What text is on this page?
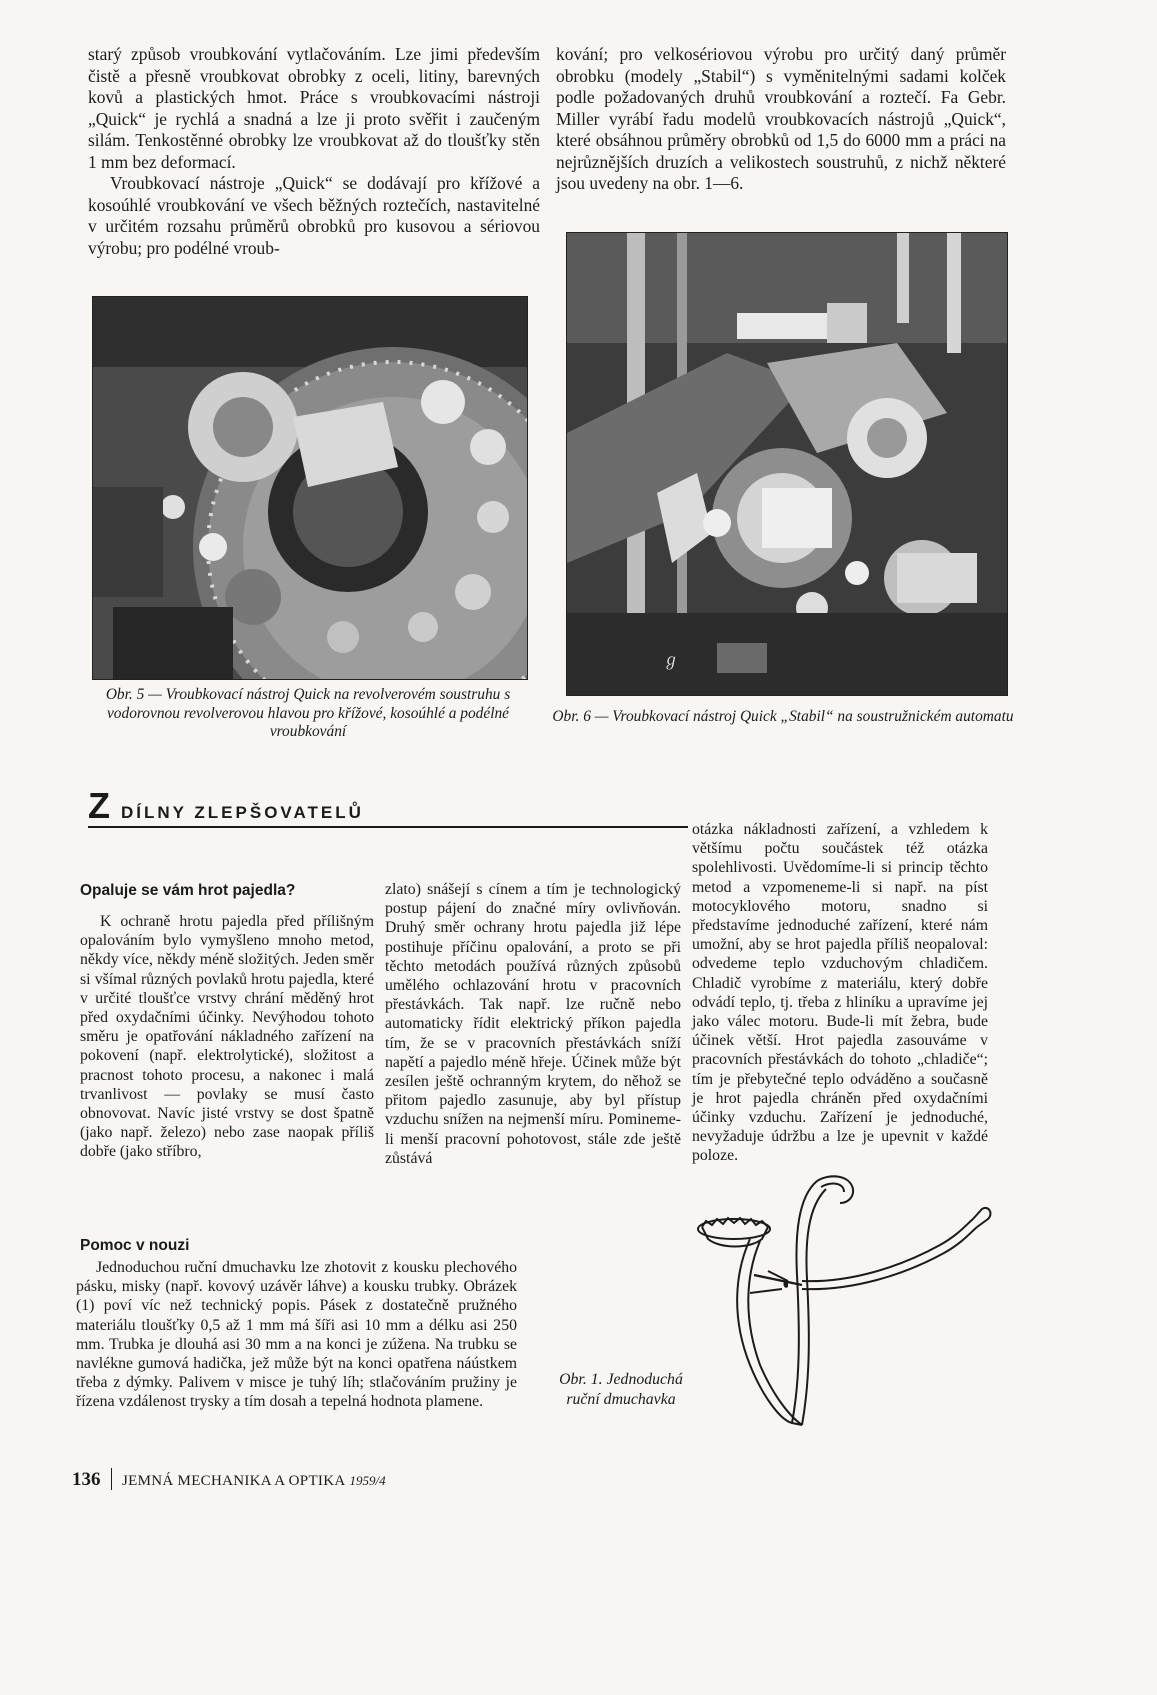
starý způsob vroubkování vytlačováním. Lze jimi především čistě a přesně vroubkovat obrobky z oceli, litiny, barevných kovů a plastických hmot. Práce s vroubkovacími nástroji „Quick“ je rychlá a snadná a lze ji proto svěřit i zaučeným silám. Tenkostěnné obrobky lze vroubkovat až do tloušťky stěn 1 mm bez deformací.

Vroubkovací nástroje „Quick“ se dodávají pro křížové a kosoúhlé vroubkování ve všech běžných roztečích, nastavitelné v určitém rozsahu průměrů obrobků pro kusovou a sériovou výrobu; pro podélné vroub-

kování; pro velkosériovou výrobu pro určitý daný průměr obrobku (modely „Stabil“) s vyměnitelnými sadami kolček podle požadovaných druhů vroubkování a roztečí. Fa Gebr. Miller vyrábí řadu modelů vroubkovacích nástrojů „Quick“, které obsáhnou průměry obrobků od 1,5 do 6000 mm a práci na nejrůznějších druzích a velikostech soustruhů, z nichž některé jsou uvedeny na obr. 1—6.

Obr. 5 — Vroubkovací nástroj Quick na revolverovém soustruhu s vodorovnou revolverovou hlavou pro křížové, kosoúhlé a podélné vroubkování
ℊ
Obr. 6 — Vroubkovací nástroj Quick „Stabil“ na soustružnickém automatu
Z DÍLNY ZLEPŠOVATELŮ
Opaluje se vám hrot pajedla?

K ochraně hrotu pajedla před přílišným opalováním bylo vymyšleno mnoho metod, někdy více, někdy méně složitých. Jeden směr si všímal různých povlaků hrotu pajedla, které v určité tloušťce vrstvy chrání měděný hrot před oxydačními účinky. Nevýhodou tohoto směru je opatřování nákladného zařízení na pokovení (např. elektrolytické), složitost a pracnost tohoto procesu, a nakonec i malá trvanlivost — povlaky se musí často obnovovat. Navíc jisté vrstvy se dost špatně (jako např. železo) nebo zase naopak příliš dobře (jako stříbro,

zlato) snášejí s cínem a tím je technologický postup pájení do značné míry ovlivňován. Druhý směr ochrany hrotu pajedla již lépe postihuje příčinu opalování, a proto se při těchto metodách používá různých způsobů umělého ochlazování hrotu v pracovních přestávkách. Tak např. lze ručně nebo automaticky řídit elektrický příkon pajedla tím, že se v pracovních přestávkách sníží napětí a pajedlo méně hřeje. Účinek může být zesílen ještě ochranným krytem, do něhož se přitom pajedlo zasunuje, aby byl přístup vzduchu snížen na nejmenší míru. Pomineme-li menší pracovní pohotovost, stále zde ještě zůstává

otázka nákladnosti zařízení, a vzhledem k většímu počtu součástek též otázka spolehlivosti. Uvědomíme-li si princip těchto metod a vzpomeneme-li si např. na píst motocyklového motoru, snadno si představíme jednoduché zařízení, které nám umožní, aby se hrot pajedla příliš neopaloval: odvedeme teplo vzduchovým chladičem. Chladič vyrobíme z materiálu, který dobře odvádí teplo, tj. třeba z hliníku a upravíme jej jako válec motoru. Bude-li mít žebra, bude účinek větší. Hrot pajedla zasouváme v pracovních přestávkách do tohoto „chladiče“; tím je přebytečné teplo odváděno a současně je hrot pajedla chráněn před oxydačními účinky vzduchu. Zařízení je jednoduché, nevyžaduje údržbu a lze je upevnit v každé poloze.

Pomoc v nouzi

Jednoduchou ruční dmuchavku lze zhotovit z kousku plechového pásku, misky (např. kovový uzávěr láhve) a kousku trubky. Obrázek (1) poví víc než technický popis. Pásek z dostatečně pružného materiálu tloušťky 0,5 až 1 mm má šíři asi 10 mm a délku asi 250 mm. Trubka je dlouhá asi 30 mm a na konci je zúžena. Na trubku se navlékne gumová hadička, jež může být na konci opatřena náústkem třeba z dýmky. Palivem v misce je tuhý líh; stlačováním pružiny je řízena vzdálenost trysky a tím dosah a tepelná hodnota plamene.

Obr. 1. Jednoduchá
ruční dmuchavka
136 JEMNÁ MECHANIKA A OPTIKA 1959/4
